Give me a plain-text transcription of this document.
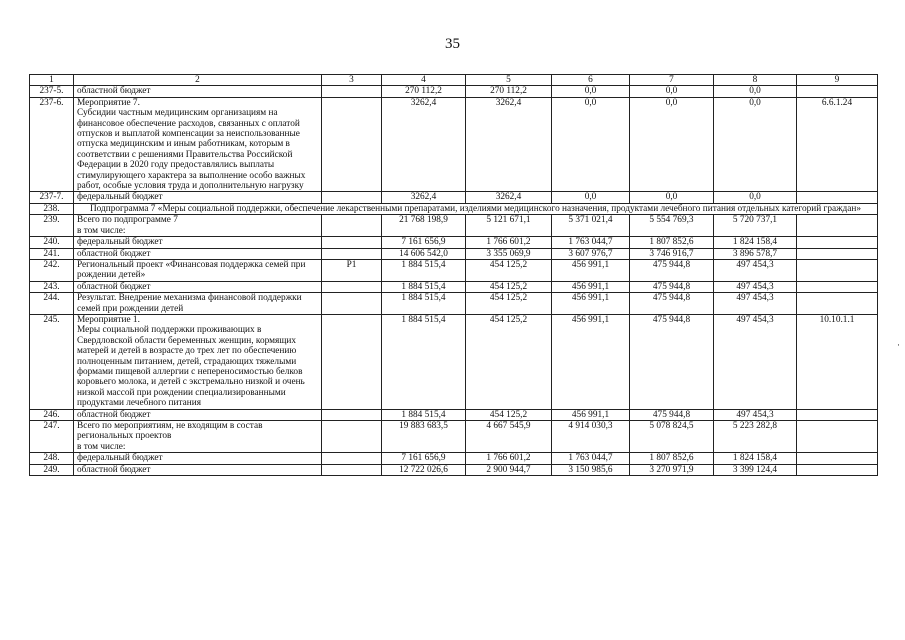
35
1	2	3	4	5	6	7	8	9
237-5.	областной бюджет		270 112,2	270 112,2	0,0	0,0	0,0	
237-6.	Мероприятие 7.
Субсидии частным медицинским организациям на финансовое обеспечение расходов, связанных с оплатой отпусков и выплатой компенсации за неиспользованные отпуска медицинским и иным работникам, которым в соответствии с решениями Правительства Российской Федерации в 2020 году предоставлялись выплаты стимулирующего характера за выполнение особо важных работ, особые условия труда и дополнительную нагрузку		3262,4	3262,4	0,0	0,0	0,0	6.6.1.24
237-7.	федеральный бюджет		3262,4	3262,4	0,0	0,0	0,0	
238.	Подпрограмма 7 «Меры социальной поддержки, обеспечение лекарственными препаратами, изделиями медицинского назначения, продуктами лечебного питания отдельных категорий граждан»							
239.	Всего по подпрограмме 7
в том числе:		21 768 198,9	5 121 671,1	5 371 021,4	5 554 769,3	5 720 737,1	
240.	федеральный бюджет		7 161 656,9	1 766 601,2	1 763 044,7	1 807 852,6	1 824 158,4	
241.	областной бюджет		14 606 542,0	3 355 069,9	3 607 976,7	3 746 916,7	3 896 578,7	
242.	Региональный проект «Финансовая поддержка семей при рождении детей»	P1	1 884 515,4	454 125,2	456 991,1	475 944,8	497 454,3	
243.	областной бюджет		1 884 515,4	454 125,2	456 991,1	475 944,8	497 454,3	
244.	Результат. Внедрение механизма финансовой поддержки семей при рождении детей		1 884 515,4	454 125,2	456 991,1	475 944,8	497 454,3	
245.	Мероприятие 1.
Меры социальной поддержки проживающих в Свердловской области беременных женщин, кормящих матерей и детей в возрасте до трех лет по обеспечению полноценным питанием, детей, страдающих тяжелыми формами пищевой аллергии с непереносимостью белков коровьего молока, и детей с экстремально низкой и очень низкой массой при рождении специализированными продуктами лечебного питания		1 884 515,4	454 125,2	456 991,1	475 944,8	497 454,3	10.10.1.1
246.	областной бюджет		1 884 515,4	454 125,2	456 991,1	475 944,8	497 454,3	
247.	Всего по мероприятиям, не входящим в состав региональных проектов
в том числе:		19 883 683,5	4 667 545,9	4 914 030,3	5 078 824,5	5 223 282,8	
248.	федеральный бюджет		7 161 656,9	1 766 601,2	1 763 044,7	1 807 852,6	1 824 158,4	
249.	областной бюджет		12 722 026,6	2 900 944,7	3 150 985,6	3 270 971,9	3 399 124,4	
·
